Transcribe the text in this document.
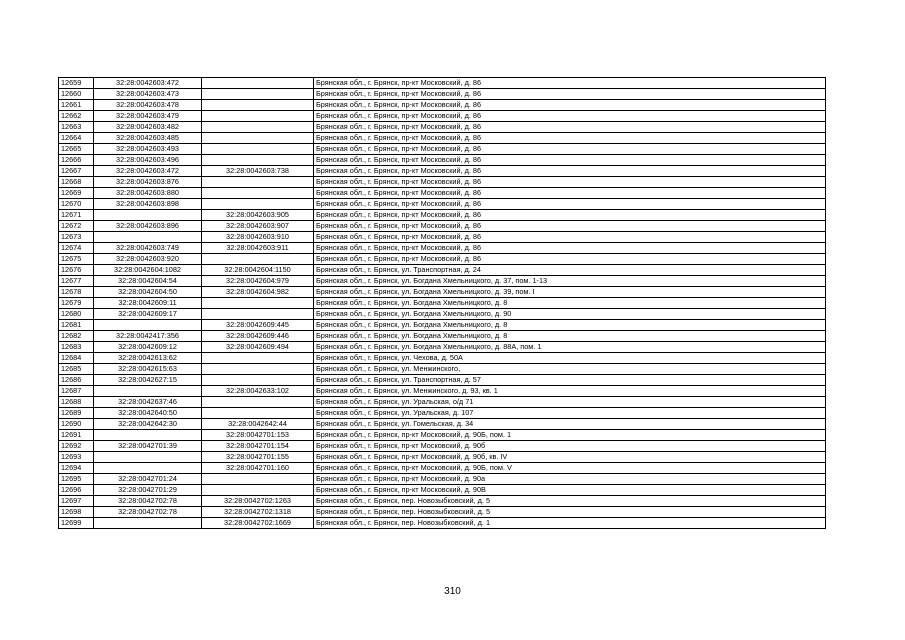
12659	32:28:0042603:472		Брянская обл., г. Брянск, пр-кт Московский, д. 86
12660	32:28:0042603:473		Брянская обл., г. Брянск, пр-кт Московский, д. 86
12661	32:28:0042603:478		Брянская обл., г. Брянск, пр-кт Московский, д. 86
12662	32:28:0042603:479		Брянская обл., г. Брянск, пр-кт Московский, д. 86
12663	32:28:0042603:482		Брянская обл., г. Брянск, пр-кт Московский, д. 86
12664	32:28:0042603:485		Брянская обл., г. Брянск, пр-кт Московский, д. 86
12665	32:28:0042603:493		Брянская обл., г. Брянск, пр-кт Московский, д. 86
12666	32:28:0042603:496		Брянская обл., г. Брянск, пр-кт Московский, д. 86
12667	32:28:0042603:472	32:28:0042603:738	Брянская обл., г. Брянск, пр-кт Московский, д. 86
12668	32:28:0042603:876		Брянская обл., г. Брянск, пр-кт Московский, д. 86
12669	32:28:0042603:880		Брянская обл., г. Брянск, пр-кт Московский, д. 86
12670	32:28:0042603:898		Брянская обл., г. Брянск, пр-кт Московский, д. 86
12671		32:28:0042603:905	Брянская обл., г. Брянск, пр-кт Московский, д. 86
12672	32:28:0042603:896	32:28:0042603:907	Брянская обл., г. Брянск, пр-кт Московский, д. 86
12673		32:28:0042603:910	Брянская обл., г. Брянск, пр-кт Московский, д. 86
12674	32:28:0042603:749	32:28:0042603:911	Брянская обл., г. Брянск, пр-кт Московский, д. 86
12675	32:28:0042603:920		Брянская обл., г. Брянск, пр-кт Московский, д. 86
12676	32:28:0042604:1082	32:28:0042604:1150	Брянская обл., г. Брянск, ул. Транспортная, д. 24
12677	32:28:0042604:54	32:28:0042604:979	Брянская обл., г. Брянск, ул. Богдана Хмельницкого, д. 37, пом. 1-13
12678	32:28:0042604:50	32:28:0042604:982	Брянская обл., г. Брянск, ул. Богдана Хмельницкого, д. 39, пом. I
12679	32:28:0042609:11		Брянская обл., г. Брянск, ул. Богдана Хмельницкого, д. 8
12680	32:28:0042609:17		Брянская обл., г. Брянск, ул. Богдана Хмельницкого, д. 90
12681		32:28:0042609:445	Брянская обл., г. Брянск, ул. Богдана Хмельницкого, д. 8
12682	32:28:0042417:356	32:28:0042609:446	Брянская обл., г. Брянск, ул. Богдана Хмельницкого, д. 8
12683	32:28:0042609:12	32:28:0042609:494	Брянская обл., г. Брянск, ул. Богдана Хмельницкого, д. 88А, пом. 1
12684	32:28:0042613:62		Брянская обл., г. Брянск, ул. Чехова, д. 50А
12685	32:28:0042615:63		Брянская обл., г. Брянск, ул. Менжинского,
12686	32:28:0042627:15		Брянская обл., г. Брянск, ул. Транспортная, д. 57
12687		32:28:0042633:102	Брянская обл., г. Брянск, ул. Менжинского, д. 93, кв. 1
12688	32:28:0042637:46		Брянская обл., г. Брянск, ул. Уральская, о/д 71
12689	32:28:0042640:50		Брянская обл., г. Брянск, ул. Уральская, д. 107
12690	32:28:0042642:30	32:28:0042642:44	Брянская обл., г. Брянск, ул. Гомельская, д. 34
12691		32:28:0042701:153	Брянская обл., г. Брянск, пр-кт Московский, д. 90Б, пом. 1
12692	32:28:0042701:39	32:28:0042701:154	Брянская обл., г. Брянск, пр-кт Московский, д. 90б
12693		32:28:0042701:155	Брянская обл., г. Брянск, пр-кт Московский, д. 90б, кв. IV
12694		32:28:0042701:160	Брянская обл., г. Брянск, пр-кт Московский, д. 90Б, пом. V
12695	32:28:0042701:24		Брянская обл., г. Брянск, пр-кт Московский, д. 90а
12696	32:28:0042701:29		Брянская обл., г. Брянск, пр-кт Московский, д. 90В
12697	32:28:0042702:78	32:28:0042702:1263	Брянская обл., г. Брянск, пер. Новозыбковский, д. 5
12698	32:28:0042702:78	32:28:0042702:1318	Брянская обл., г. Брянск, пер. Новозыбковский, д. 5
12699		32:28:0042702:1669	Брянская обл., г. Брянск, пер. Новозыбковский, д. 1
310
